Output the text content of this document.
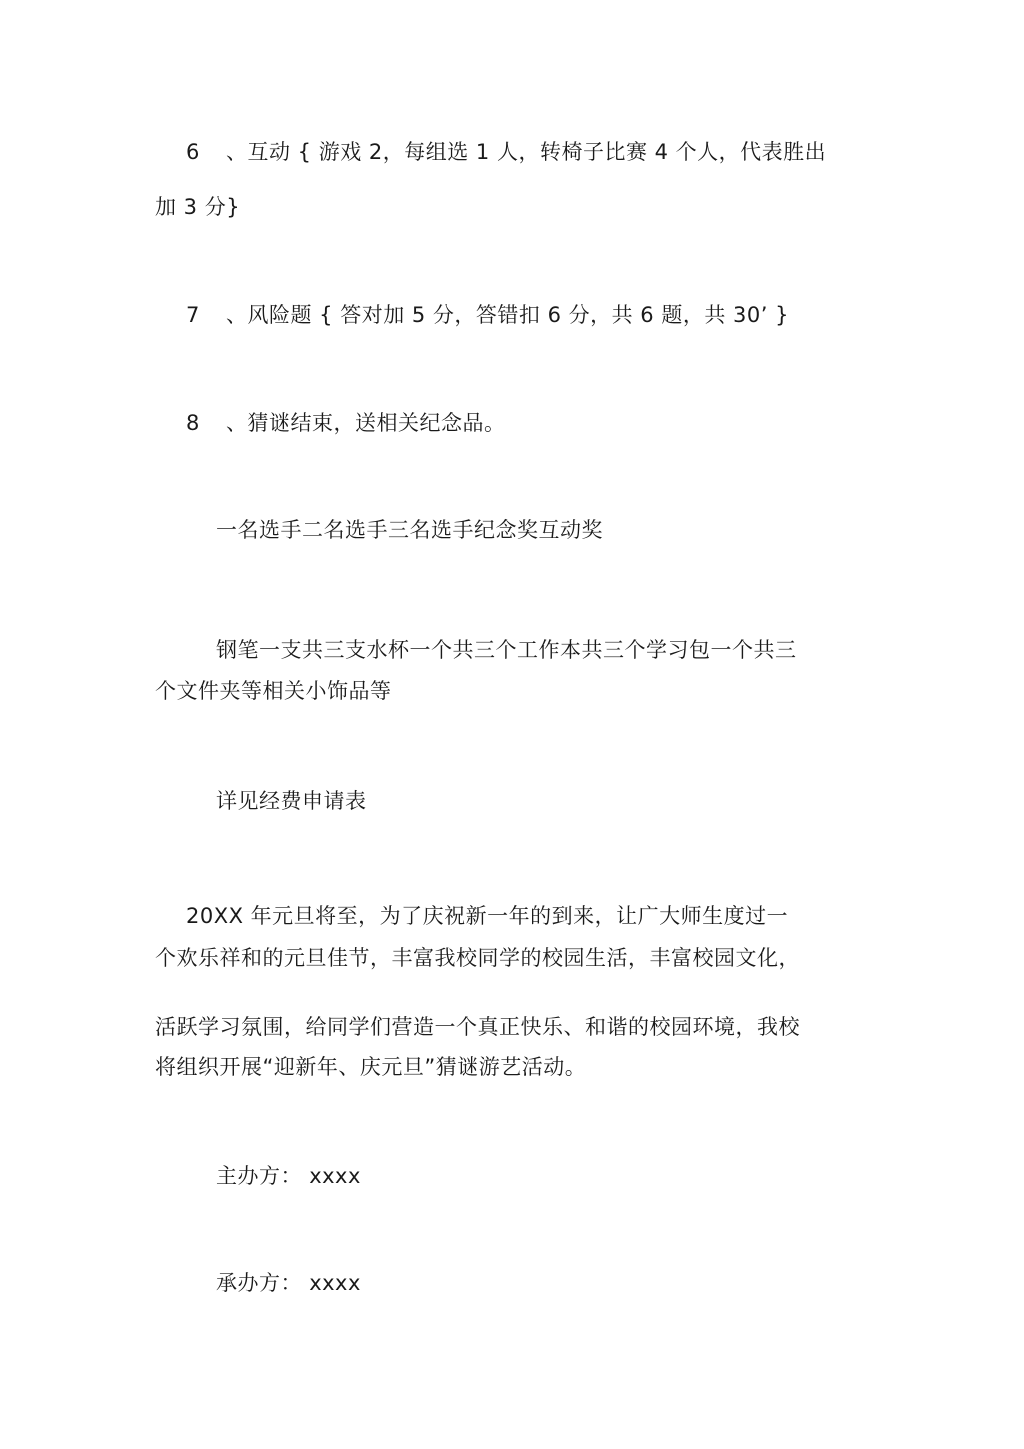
6 、互动 { 游戏 2，每组选 1 人，转椅子比赛 4 个人，代表胜出
加 3 分}
7 、风险题 { 答对加 5 分，答错扣 6 分，共 6 题，共 30’ }
8 、猜谜结束，送相关纪念品。
一名选手二名选手三名选手纪念奖互动奖
钢笔一支共三支水杯一个共三个工作本共三个学习包一个共三
个文件夹等相关小饰品等
详见经费申请表
20XX 年元旦将至，为了庆祝新一年的到来，让广大师生度过一
个欢乐祥和的元旦佳节，丰富我校同学的校园生活，丰富校园文化，
活跃学习氛围，给同学们营造一个真正快乐、和谐的校园环境，我校
将组织开展“迎新年、庆元旦”猜谜游艺活动。
主办方： xxxx
承办方： xxxx
